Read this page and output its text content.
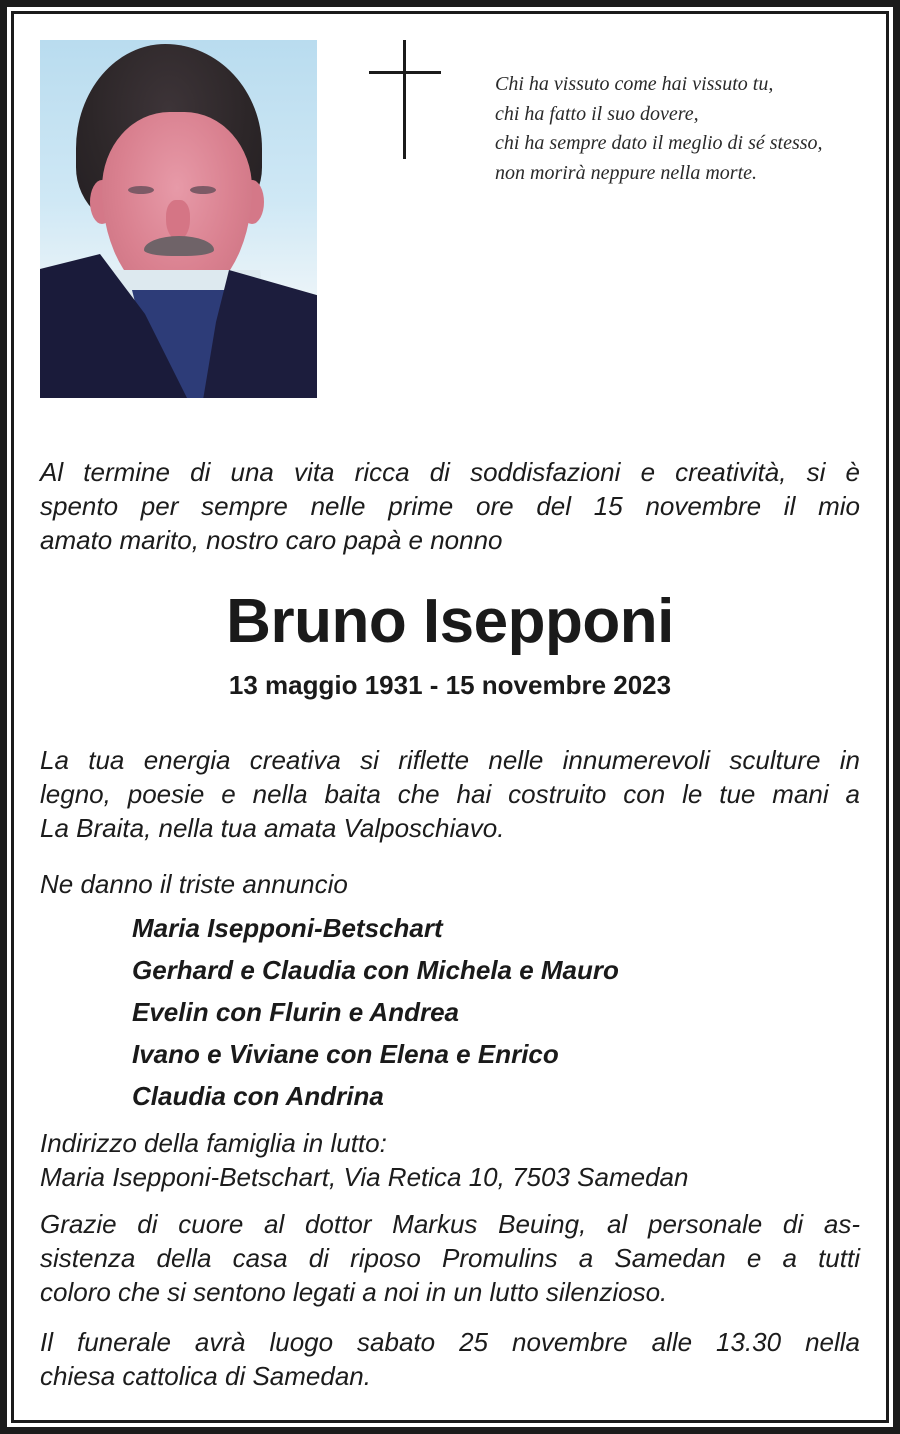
Chi ha vissuto come hai vissuto tu,
chi ha fatto il suo dovere,
chi ha sempre dato il meglio di sé stesso,
non morirà neppure nella morte.
Al termine di una vita ricca di soddisfazioni e creatività, si è
spento per sempre nelle prime ore del 15 novembre il mio
amato marito, nostro caro papà e nonno
Bruno Isepponi
13 maggio 1931 - 15 novembre 2023
La tua energia creativa si riflette nelle innumerevoli sculture in
legno, poesie e nella baita che hai costruito con le tue mani a
La Braita, nella tua amata Valposchiavo.
Ne danno il triste annuncio
Maria Isepponi-Betschart
Gerhard e Claudia con Michela e Mauro
Evelin con Flurin e Andrea
Ivano e Viviane con Elena e Enrico
Claudia con Andrina
Indirizzo della famiglia in lutto:
Maria Isepponi-Betschart, Via Retica 10, 7503 Samedan
Grazie di cuore al dottor Markus Beuing, al personale di as-
sistenza della casa di riposo Promulins a Samedan e a tutti
coloro che si sentono legati a noi in un lutto silenzioso.
Il funerale avrà luogo sabato 25 novembre alle 13.30 nella
chiesa cattolica di Samedan.
